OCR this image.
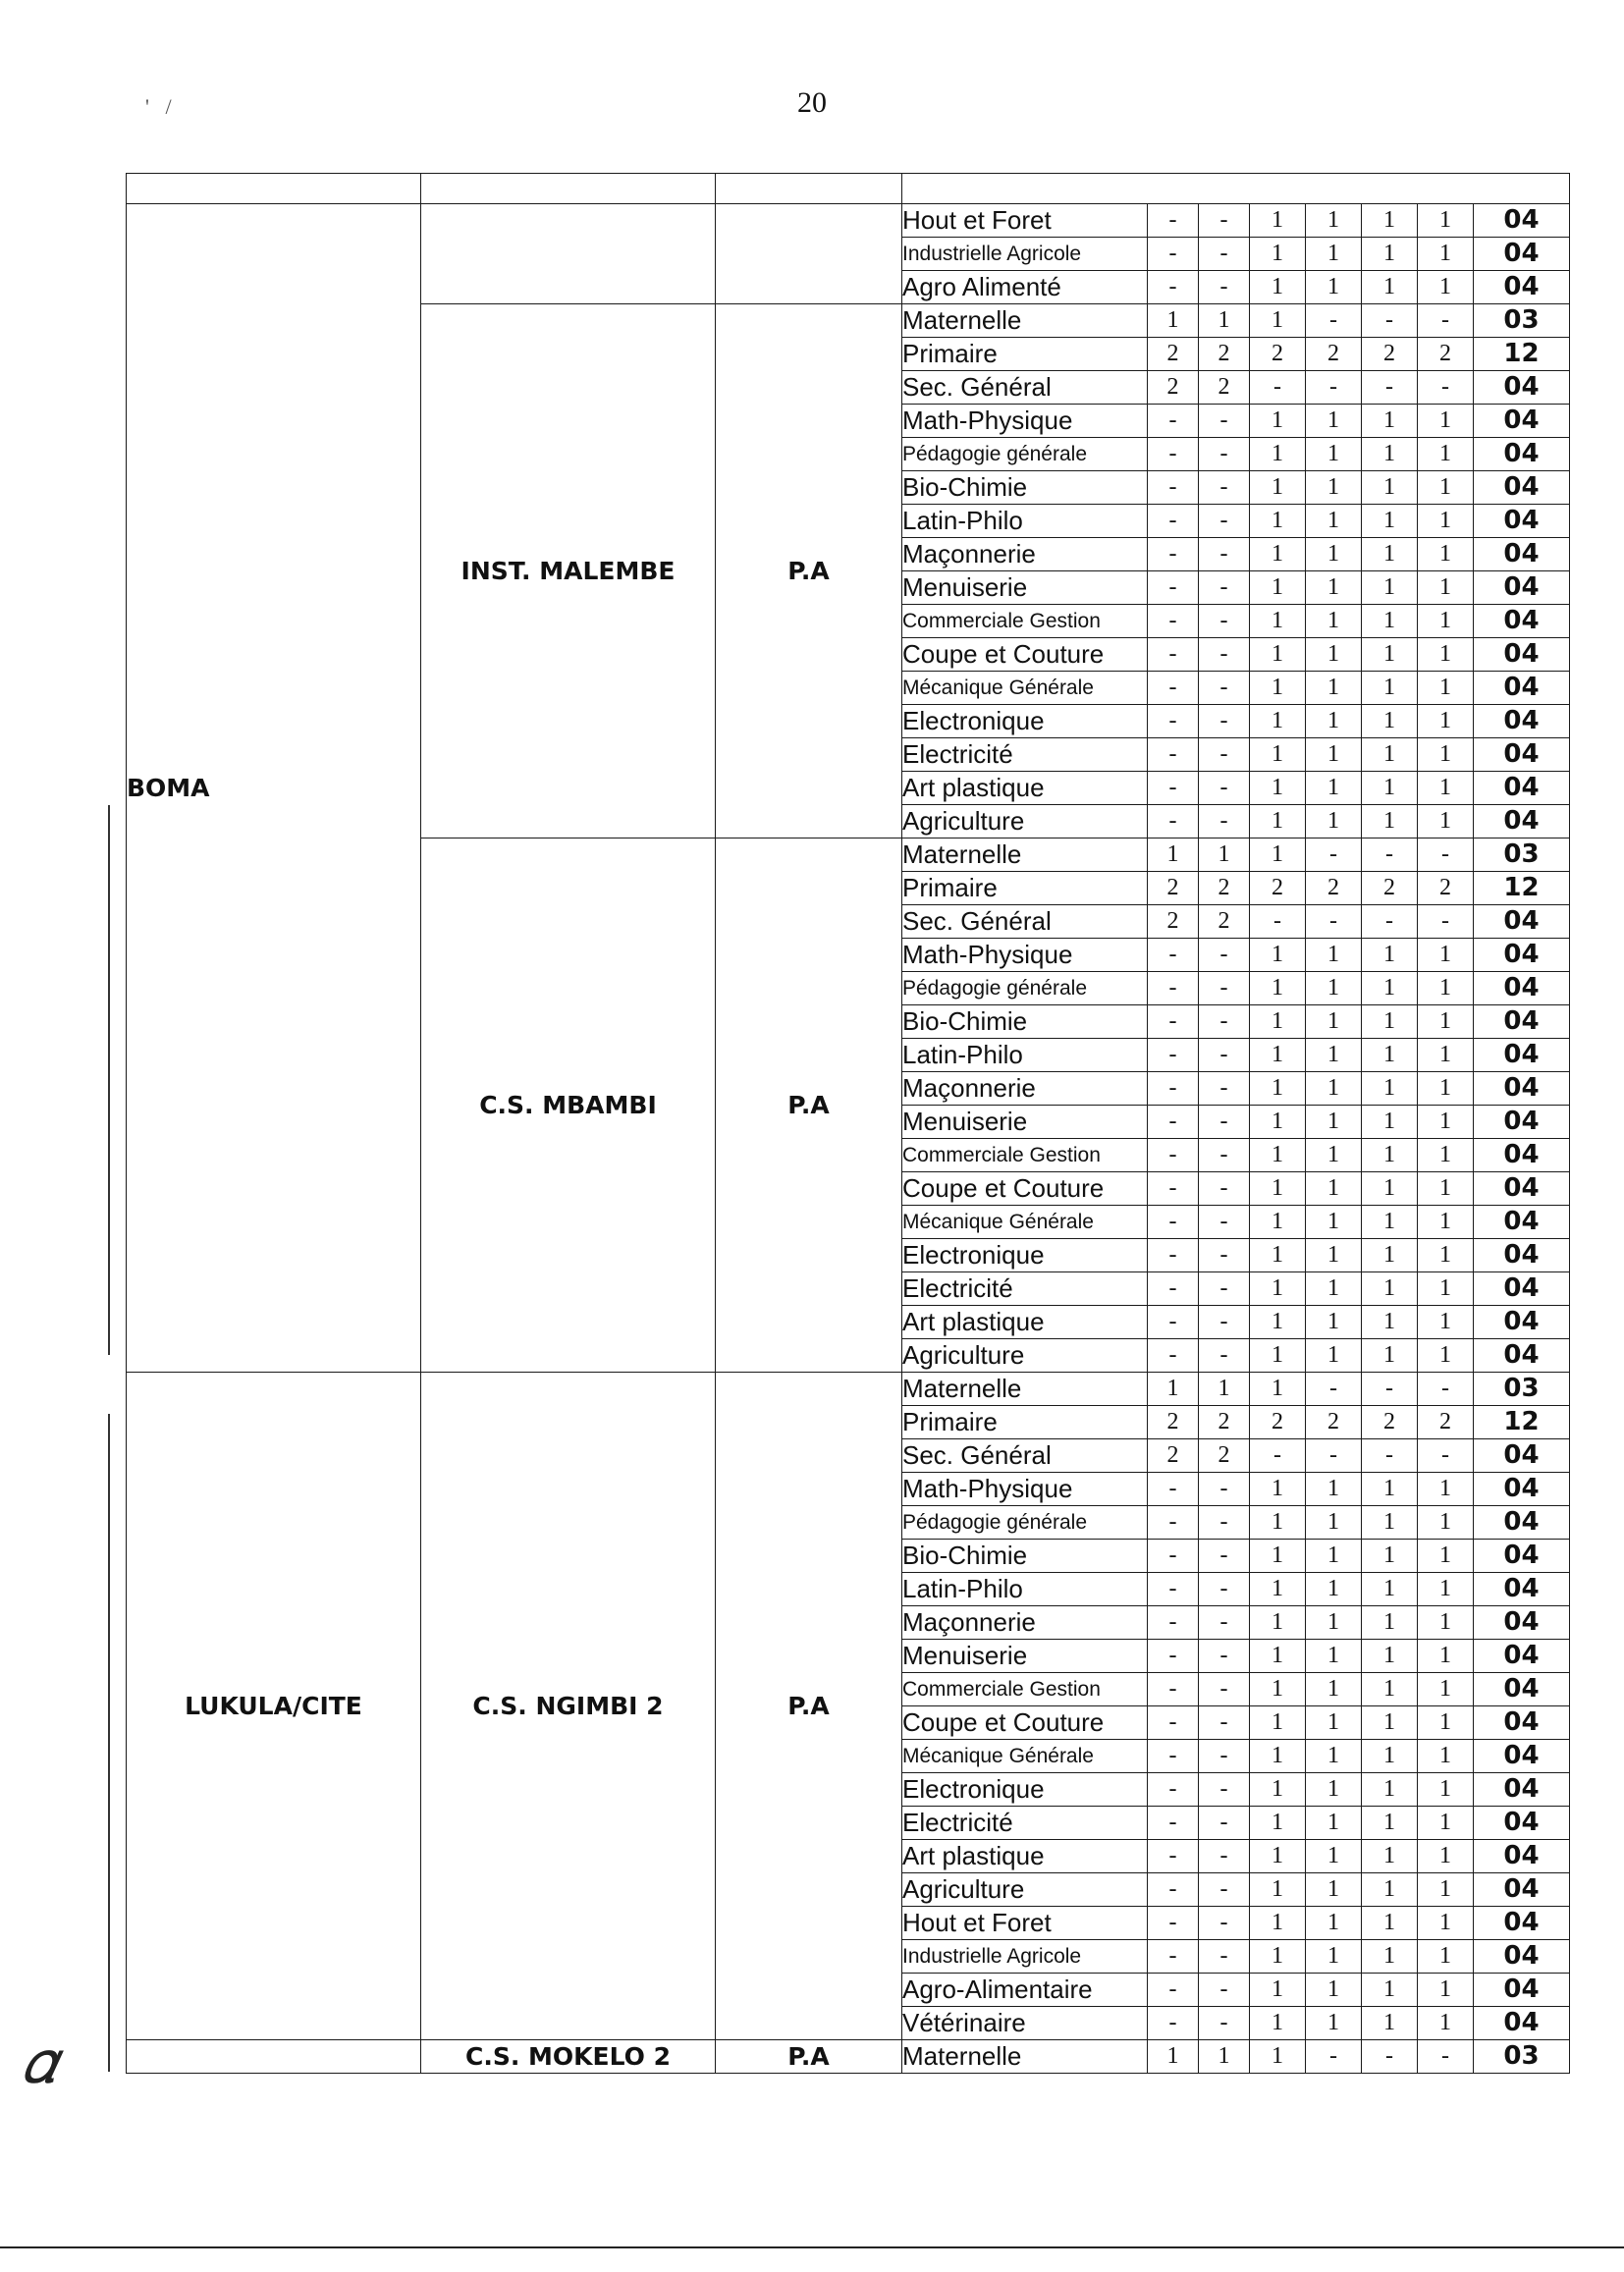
20
'   /

BOMA			Hout et Foret	-	-	1	1	1	1	04
			Industrielle Agricole	-	-	1	1	1	1	04
			Agro Alimenté	-	-	1	1	1	1	04
	INST. MALEMBE	P.A	Maternelle	1	1	1	-	-	-	03
			Primaire	2	2	2	2	2	2	12
			Sec. Général	2	2	-	-	-	-	04
			Math-Physique	-	-	1	1	1	1	04
			Pédagogie générale	-	-	1	1	1	1	04
			Bio-Chimie	-	-	1	1	1	1	04
			Latin-Philo	-	-	1	1	1	1	04
			Maçonnerie	-	-	1	1	1	1	04
			Menuiserie	-	-	1	1	1	1	04
			Commerciale Gestion	-	-	1	1	1	1	04
			Coupe et Couture	-	-	1	1	1	1	04
			Mécanique Générale	-	-	1	1	1	1	04
			Electronique	-	-	1	1	1	1	04
			Electricité	-	-	1	1	1	1	04
			Art plastique	-	-	1	1	1	1	04
			Agriculture	-	-	1	1	1	1	04
	C.S. MBAMBI	P.A	Maternelle	1	1	1	-	-	-	03
			Primaire	2	2	2	2	2	2	12
			Sec. Général	2	2	-	-	-	-	04
			Math-Physique	-	-	1	1	1	1	04
			Pédagogie générale	-	-	1	1	1	1	04
			Bio-Chimie	-	-	1	1	1	1	04
			Latin-Philo	-	-	1	1	1	1	04
			Maçonnerie	-	-	1	1	1	1	04
			Menuiserie	-	-	1	1	1	1	04
			Commerciale Gestion	-	-	1	1	1	1	04
			Coupe et Couture	-	-	1	1	1	1	04
			Mécanique Générale	-	-	1	1	1	1	04
			Electronique	-	-	1	1	1	1	04
			Electricité	-	-	1	1	1	1	04
			Art plastique	-	-	1	1	1	1	04
			Agriculture	-	-	1	1	1	1	04
LUKULA/CITE	C.S. NGIMBI 2	P.A	Maternelle	1	1	1	-	-	-	03
			Primaire	2	2	2	2	2	2	12
			Sec. Général	2	2	-	-	-	-	04
			Math-Physique	-	-	1	1	1	1	04
			Pédagogie générale	-	-	1	1	1	1	04
			Bio-Chimie	-	-	1	1	1	1	04
			Latin-Philo	-	-	1	1	1	1	04
			Maçonnerie	-	-	1	1	1	1	04
			Menuiserie	-	-	1	1	1	1	04
			Commerciale Gestion	-	-	1	1	1	1	04
			Coupe et Couture	-	-	1	1	1	1	04
			Mécanique Générale	-	-	1	1	1	1	04
			Electronique	-	-	1	1	1	1	04
			Electricité	-	-	1	1	1	1	04
			Art plastique	-	-	1	1	1	1	04
			Agriculture	-	-	1	1	1	1	04
			Hout et Foret	-	-	1	1	1	1	04
			Industrielle Agricole	-	-	1	1	1	1	04
			Agro-Alimentaire	-	-	1	1	1	1	04
			Vétérinaire	-	-	1	1	1	1	04
	C.S. MOKELO 2	P.A	Maternelle	1	1	1	-	-	-	03
𝛼
